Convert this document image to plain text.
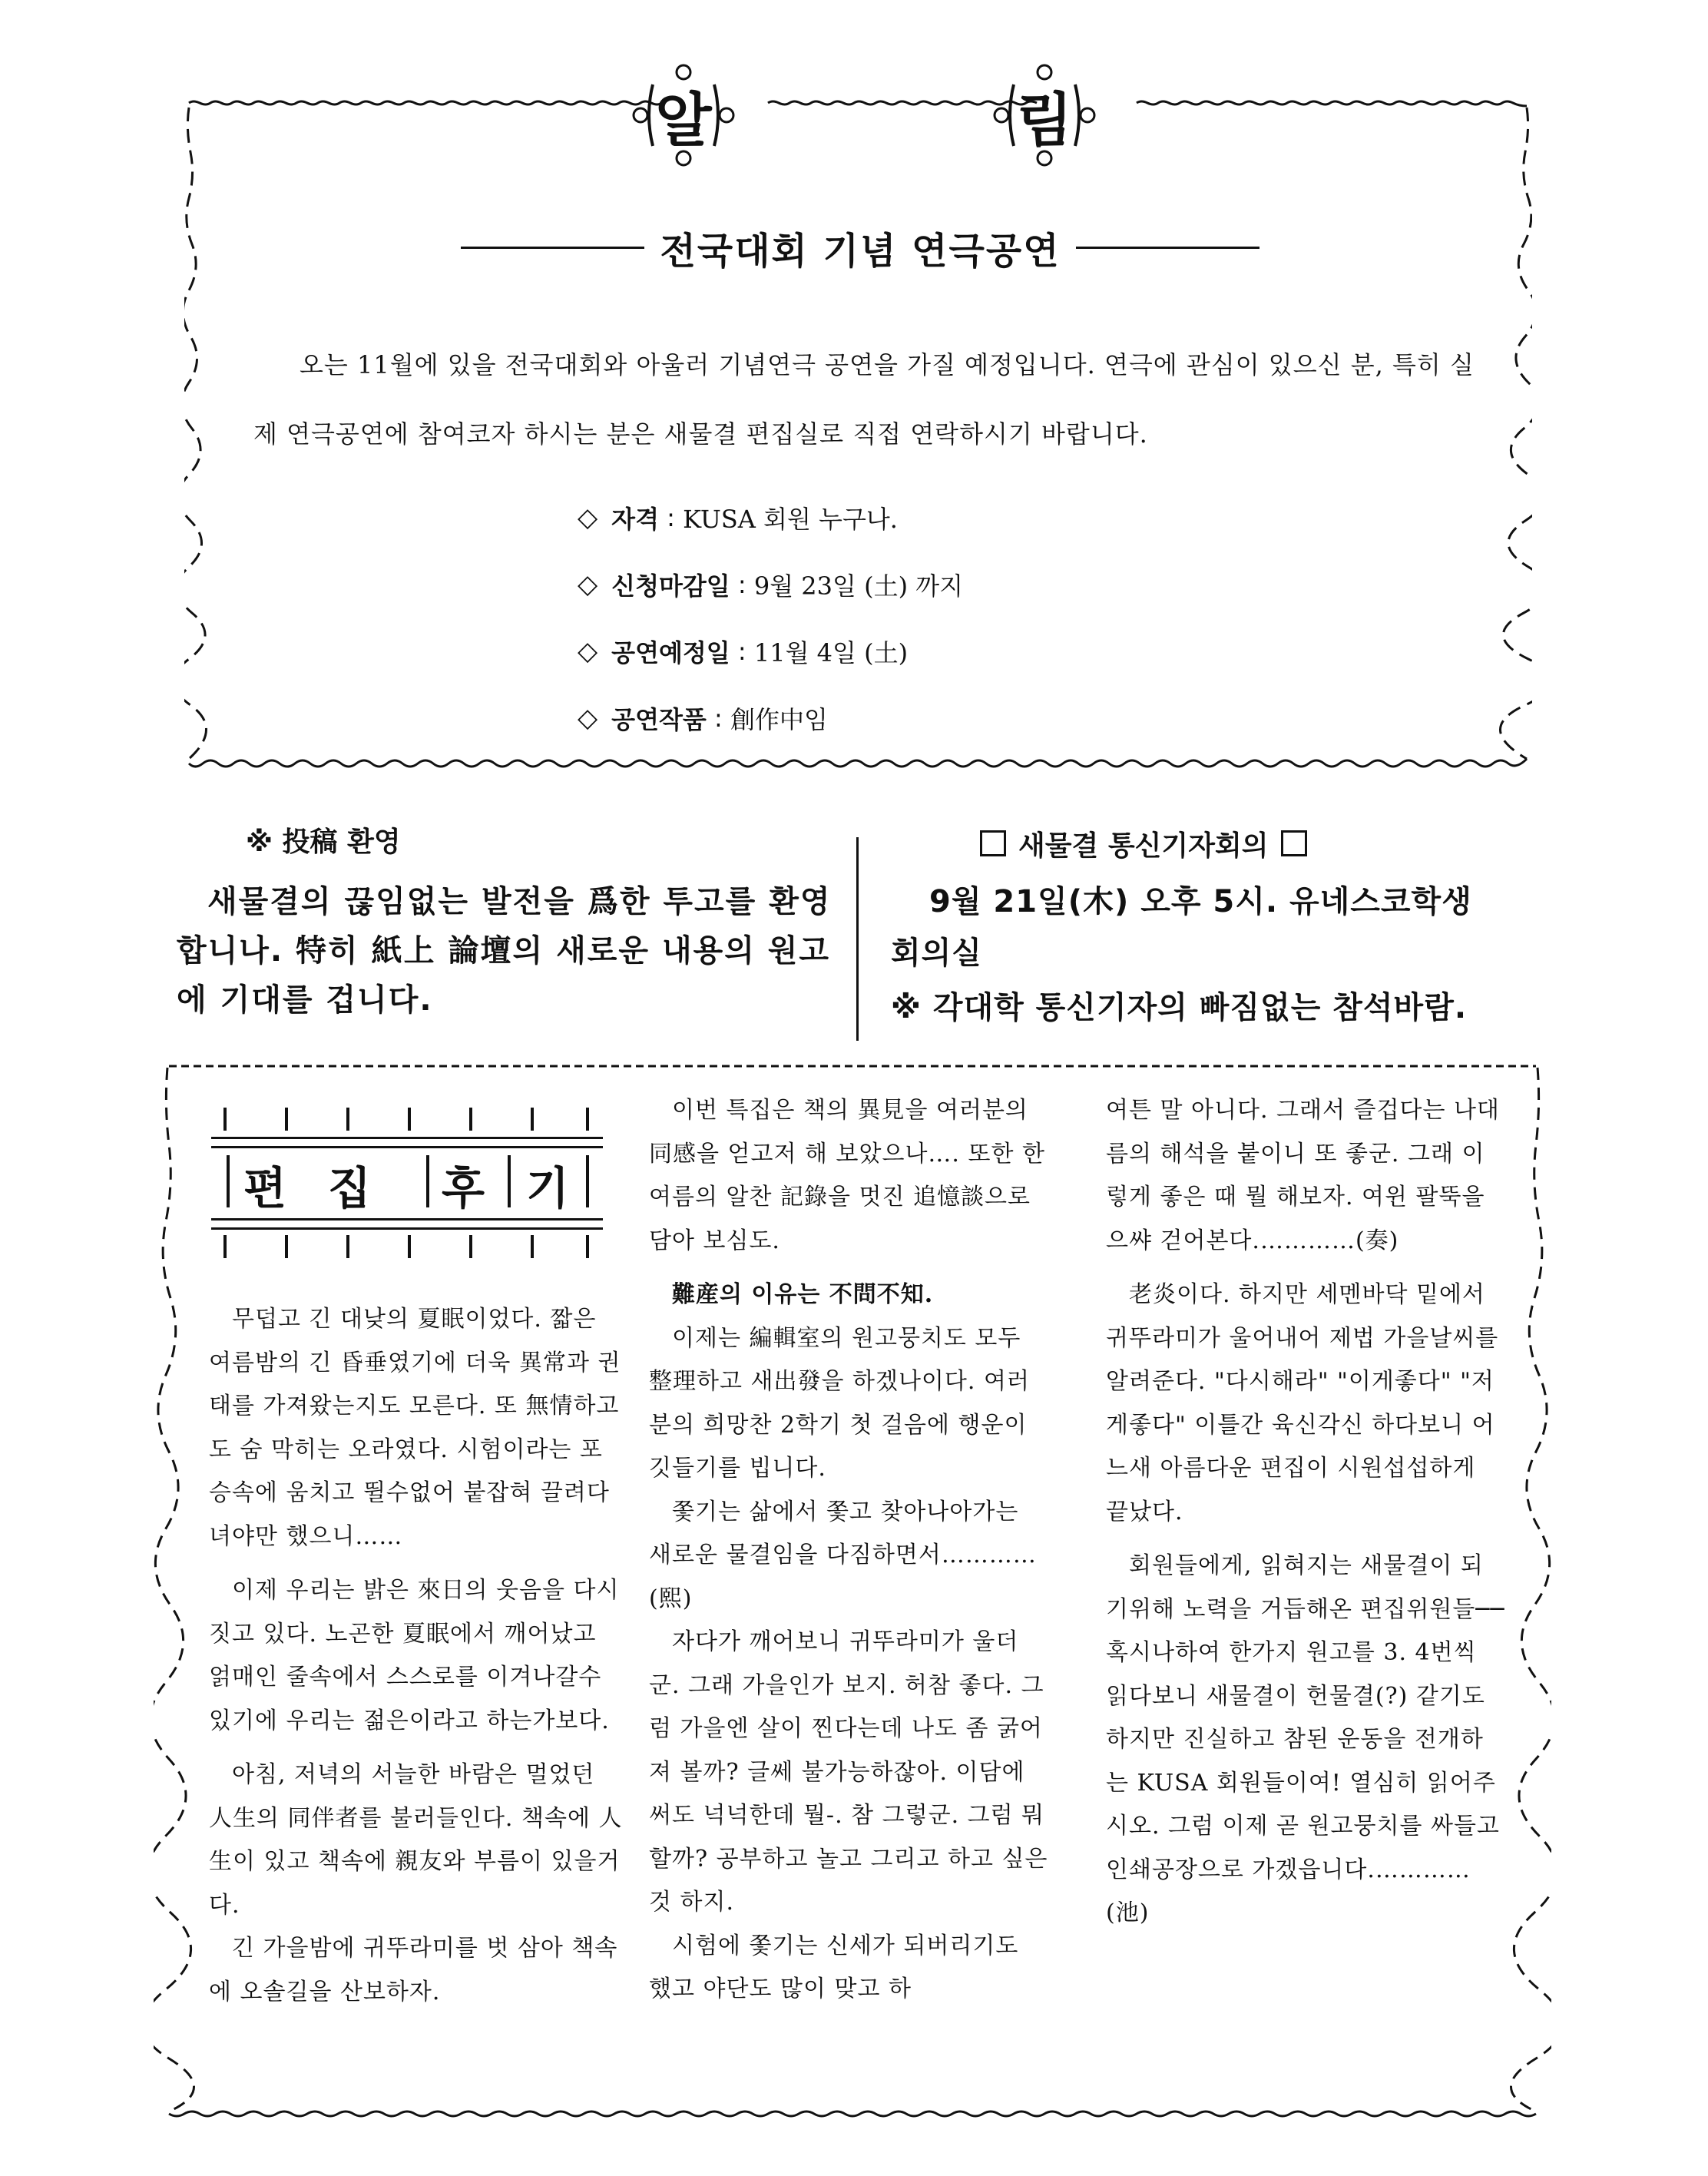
알	림
전국대회 기념 연극공연

오는 11월에 있을 전국대회와 아울러 기념연극 공연을 가질 예정입니다. 연극에 관심이 있으신 분, 특히 실제 연극공연에 참여코자 하시는 분은 새물결 편집실로 직접 연락하시기 바랍니다.

◇ 자격 : KUSA 회원 누구나.
◇ 신청마감일 : 9월 23일 (土) 까지
◇ 공연예정일 : 11월 4일 (土)
◇ 공연작품 : 創作中임
※ 投稿 환영
새물결의 끊임없는 발전을 爲한 투고를 환영합니나. 特히 紙上 論壇의 새로운 내용의 원고에 기대를 겁니다.
새물결 통신기자회의
9월 21일(木) 오후 5시. 유네스코학생
회의실
※ 각대학 통신기자의 빠짐없는 참석바람.
편 집 후 기

무덥고 긴 대낮의 夏眠이었다. 짧은 여름밤의 긴 昏垂였기에 더욱 異常과 권태를 가져왔는지도 모른다. 또 無情하고도 숨 막히는 오라였다. 시험이라는 포승속에 움치고 뛸수없어 붙잡혀 끌려다녀야만 했으니……

이제 우리는 밝은 來日의 웃음을 다시 짓고 있다. 노곤한 夏眠에서 깨어났고 얽매인 줄속에서 스스로를 이겨나갈수 있기에 우리는 젊은이라고 하는가보다.

아침, 저녁의 서늘한 바람은 멀었던 人生의 同伴者를 불러들인다. 책속에 人生이 있고 책속에 親友와 부름이 있을거다.

긴 가을밤에 귀뚜라미를 벗 삼아 책속에 오솔길을 산보하자.

이번 특집은 책의 異見을 여러분의 同感을 얻고저 해 보았으나…. 또한 한 여름의 알찬 記錄을 멋진 追憶談으로 담아 보심도.

難産의 이유는 不問不知.

이제는 編輯室의 원고뭉치도 모두 整理하고 새出發을 하겠나이다. 여러분의 희망찬 2학기 첫 걸음에 행운이 깃들기를 빕니다.

쫓기는 삶에서 쫓고 찾아나아가는 새로운 물결임을 다짐하면서…………(熙)

자다가 깨어보니 귀뚜라미가 울더군. 그래 가을인가 보지. 허참 좋다. 그럼 가을엔 살이 찐다는데 나도 좀 굵어져 볼까? 글쎄 불가능하잖아. 이담에 써도 넉넉한데 뭘-. 참 그렇군. 그럼 뭐 할까? 공부하고 놀고 그리고 하고 싶은 것 하지.

시험에 쫓기는 신세가 되버리기도 했고 야단도 많이 맞고 하

여튼 말 아니다. 그래서 즐겁다는 나대름의 해석을 붙이니 또 좋군. 그래 이렇게 좋은 때 뭘 해보자. 여윈 팔뚝을 으쌰 걷어본다.…………(奏)

老炎이다. 하지만 세멘바닥 밑에서 귀뚜라미가 울어내어 제법 가을날씨를 알려준다. "다시해라" "이게좋다" "저게좋다" 이틀간 육신각신 하다보니 어느새 아름다운 편집이 시원섭섭하게 끝났다.

회원들에게, 읽혀지는 새물결이 되기위해 노력을 거듭해온 편집위원들── 혹시나하여 한가지 원고를 3. 4번씩 읽다보니 새물결이 헌물결(?) 같기도 하지만 진실하고 참된 운동을 전개하는 KUSA 회원들이여! 열심히 읽어주시오. 그럼 이제 곧 원고뭉치를 싸들고 인쇄공장으로 가겠읍니다.…………(池)
